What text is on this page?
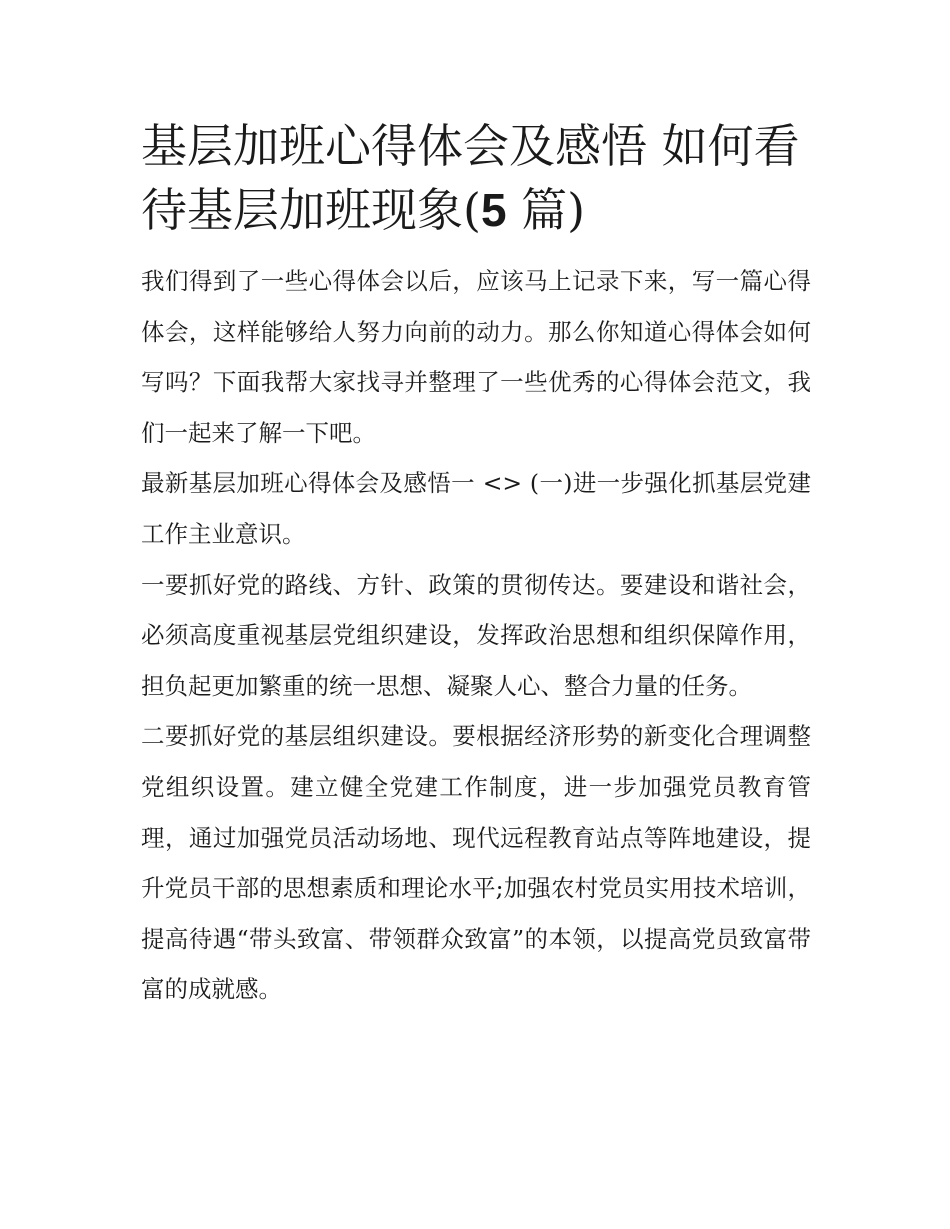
基层加班心得体会及感悟 如何看待基层加班现象(5 篇)

我们得到了一些心得体会以后，应该马上记录下来，写一篇心得体会，这样能够给人努力向前的动力。那么你知道心得体会如何写吗？下面我帮大家找寻并整理了一些优秀的心得体会范文，我们一起来了解一下吧。

最新基层加班心得体会及感悟一 <> (一)进一步强化抓基层党建工作主业意识。

一要抓好党的路线、方针、政策的贯彻传达。要建设和谐社会，必须高度重视基层党组织建设，发挥政治思想和组织保障作用，担负起更加繁重的统一思想、凝聚人心、整合力量的任务。

二要抓好党的基层组织建设。要根据经济形势的新变化合理调整党组织设置。建立健全党建工作制度，进一步加强党员教育管理，通过加强党员活动场地、现代远程教育站点等阵地建设，提升党员干部的思想素质和理论水平;加强农村党员实用技术培训，提高待遇“带头致富、带领群众致富”的本领，以提高党员致富带富的成就感。
